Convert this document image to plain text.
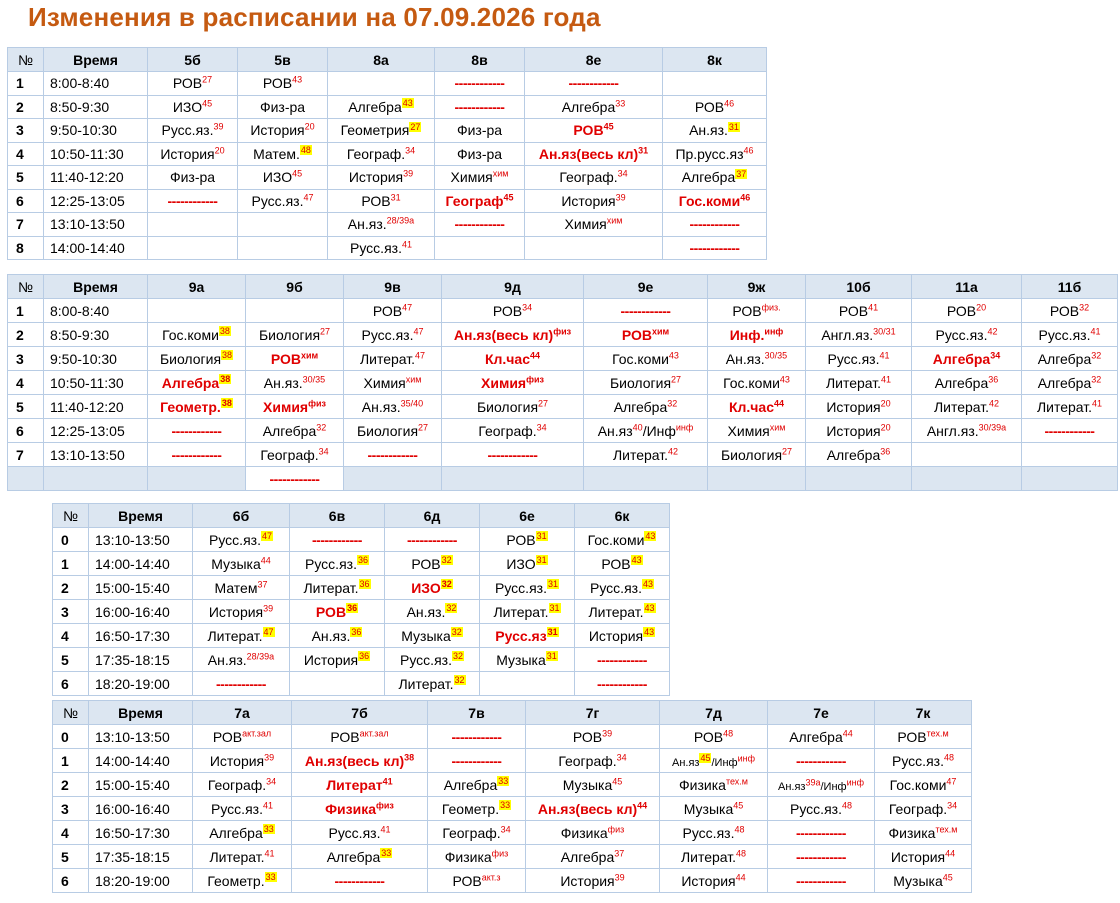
Изменения в расписании на 07.09.2026 года
№	Время	5б	5в	8а	8в	8е	8к
1	8:00-8:40	РОВ$^{27}$	РОВ$^{43}$		------------	------------	
2	8:50-9:30	ИЗО$^{45}$	Физ-ра	Алгебра$^{43}$	------------	Алгебра$^{33}$	РОВ$^{46}$
3	9:50-10:30	Русс.яз.$^{39}$	История$^{20}$	Геометрия$^{27}$	Физ-ра	РОВ$^{45}$	Ан.яз.$^{31}$
4	10:50-11:30	История$^{20}$	Матем.$^{48}$	Географ.$^{34}$	Физ-ра	Ан.яз(весь кл)$^{31}$	$Пр.русс.яз^{46}$
5	11:40-12:20	Физ-ра	ИЗО$^{45}$	История$^{39}$	Химия$^{хим}$	Географ.$^{34}$	Алгебра$^{37}$
6	12:25-13:05	------------	Русс.яз.$^{47}$	РОВ$^{31}$	Географ$^{45}$	История$^{39}$	Гос.коми$^{46}$
7	13:10-13:50			Ан.яз.$^{28/39а}$	------------	Химия$^{хим}$	------------
8	14:00-14:40			Русс.яз.$^{41}$			------------
№	Время	9а	9б	9в	9д	9е	9ж	10б	11а	11б
1	8:00-8:40			РОВ$^{47}$	РОВ$^{34}$	------------	$РОВ^{физ.}$	РОВ$^{41}$	РОВ$^{20}$	РОВ$^{32}$
2	8:50-9:30	Гос.коми$^{38}$	Биология$^{27}$	Русс.яз.$^{47}$	Ан.яз(весь кл)$^{физ}$	$РОВ^{хим}$	Инф.$^{инф}$	Англ.яз.$^{30/31}$	Русс.яз.$^{42}$	Русс.яз.$^{41}$
3	9:50-10:30	Биология$^{38}$	$РОВ^{хим}$	Литерат.$^{47}$	Кл.час$^{44}$	Гос.коми$^{43}$	Ан.яз.$^{30/35}$	Русс.яз.$^{41}$	Алгебра$^{34}$	Алгебра$^{32}$
4	10:50-11:30	Алгебра$^{38}$	Ан.яз.$^{30/35}$	Химия$^{хим}$	Химия$^{физ}$	Биология$^{27}$	Гос.коми$^{43}$	Литерат.$^{41}$	Алгебра$^{36}$	Алгебра$^{32}$
5	11:40-12:20	Геометр.$^{38}$	Химия$^{физ}$	Ан.яз.$^{35/40}$	Биология$^{27}$	Алгебра$^{32}$	Кл.час$^{44}$	История$^{20}$	Литерат.$^{42}$	Литерат.$^{41}$
6	12:25-13:05	------------	Алгебра$^{32}$	Биология$^{27}$	Географ.$^{34}$	$Ан.яз^{40}/Инф^{инф}$	Химия$^{хим}$	История$^{20}$	Англ.яз.$^{30/39а}$	------------
7	13:10-13:50	------------	Географ.$^{34}$	------------	------------	Литерат.$^{42}$	Биология$^{27}$	Алгебра$^{36}$		
			------------							
№	Время	6б	6в	6д	6е	6к
0	13:10-13:50	Русс.яз.$^{47}$	------------	------------	РОВ$^{31}$	Гос.коми$^{43}$
1	14:00-14:40	Музыка$^{44}$	Русс.яз.$^{36}$	РОВ$^{32}$	ИЗО$^{31}$	РОВ$^{43}$
2	15:00-15:40	Матем$^{37}$	Литерат.$^{36}$	ИЗО$^{32}$	Русс.яз.$^{31}$	Русс.яз.$^{43}$
3	16:00-16:40	История$^{39}$	РОВ$^{36}$	Ан.яз.$^{32}$	Литерат.$^{31}$	Литерат.$^{43}$
4	16:50-17:30	Литерат.$^{47}$	Ан.яз.$^{36}$	Музыка$^{32}$	$Русс.яз^{31}$	История$^{43}$
5	17:35-18:15	Ан.яз.$^{28/39а}$	История$^{36}$	Русс.яз.$^{32}$	Музыка$^{31}$	------------
6	18:20-19:00	------------		Литерат.$^{32}$		------------
№	Время	7а	7б	7в	7г	7д	7е	7к
0	13:10-13:50	$РОВ^{акт.зал}$	$РОВ^{акт.зал}$	------------	РОВ$^{39}$	РОВ$^{48}$	Алгебра$^{44}$	$РОВ^{тех.м}$
1	14:00-14:40	История$^{39}$	Ан.яз(весь кл)$^{38}$	------------	Географ.$^{34}$	$Ан.яз^{45}/Инф^{инф}$	------------	Русс.яз.$^{48}$
2	15:00-15:40	Географ.$^{34}$	Литерат$^{41}$	Алгебра$^{33}$	Музыка$^{45}$	Физика$^{тех.м}$	$Ан.яз^{39а}/Инф^{инф}$	Гос.коми$^{47}$
3	16:00-16:40	Русс.яз.$^{41}$	Физика$^{физ}$	Геометр.$^{33}$	Ан.яз(весь кл)$^{44}$	Музыка$^{45}$	Русс.яз.$^{48}$	Географ.$^{34}$
4	16:50-17:30	Алгебра$^{33}$	Русс.яз.$^{41}$	Географ.$^{34}$	Физика$^{физ}$	Русс.яз.$^{48}$	------------	Физика$^{тех.м}$
5	17:35-18:15	Литерат.$^{41}$	Алгебра$^{33}$	Физика$^{физ}$	Алгебра$^{37}$	Литерат.$^{48}$	------------	История$^{44}$
6	18:20-19:00	Геометр.$^{33}$	------------	$РОВ^{акт.з}$	История$^{39}$	История$^{44}$	------------	Музыка$^{45}$
